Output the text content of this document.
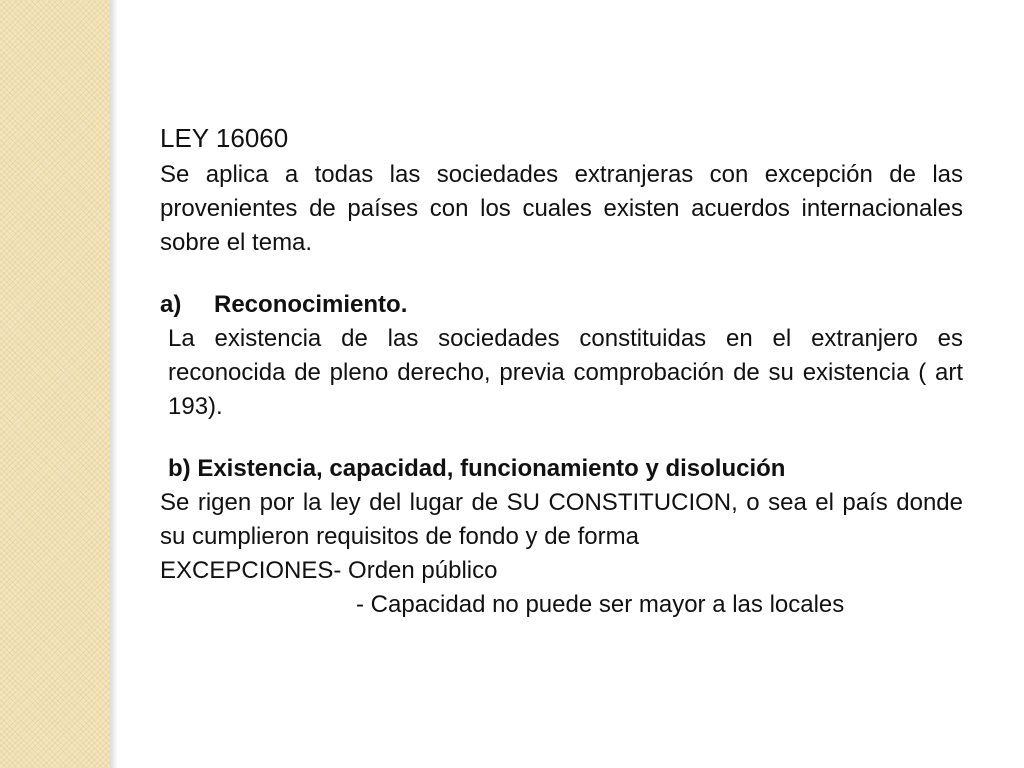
LEY 16060

Se aplica a todas las sociedades extranjeras con excepción de las provenientes de países con los cuales existen acuerdos internacionales sobre el tema.

a) Reconocimiento.

La existencia de las sociedades constituidas en el extranjero es reconocida de pleno derecho, previa comprobación de su existencia ( art 193).

b) Existencia, capacidad, funcionamiento y disolución

Se rigen por la ley del lugar de SU CONSTITUCION, o sea el país donde su cumplieron requisitos de fondo y de forma

EXCEPCIONES- Orden público

- Capacidad no puede ser mayor a las locales
